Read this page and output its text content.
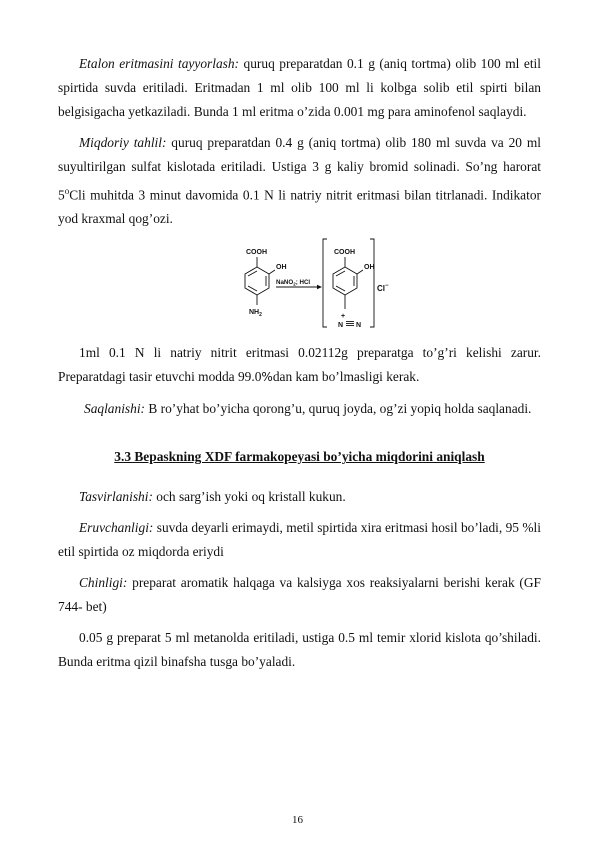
Etalon eritmasini tayyorlash: quruq preparatdan 0.1 g (aniq tortma) olib 100 ml etil spirtida suvda eritiladi. Eritmadan 1 ml olib 100 ml li kolbga solib etil spirti bilan belgisigacha yetkaziladi. Bunda 1 ml eritma o’zida 0.001 mg para aminofenol saqlaydi.

Miqdoriy tahlil: quruq preparatdan 0.4 g (aniq tortma) olib 180 ml suvda va 20 ml suyultirilgan sulfat kislotada eritiladi. Ustiga 3 g kaliy bromid solinadi. So’ng harorat 5$^o$Cli muhitda 3 minut davomida 0.1 N li natriy nitrit eritmasi bilan titrlanadi. Indikator yod kraxmal qog’ozi.

COOH
OH
$NH_2$
NaNO$_2$; HCl
COOH
OH
+
N N
Cl−

1ml 0.1 N li natriy nitrit eritmasi 0.02112g preparatga to’g’ri kelishi zarur. Preparatdagi tasir etuvchi modda 99.0%dan kam bo’lmasligi kerak.

Saqlanishi: B ro’yhat bo’yicha qorong’u, quruq joyda, og’zi yopiq holda saqlanadi.

3.3 Bepaskning XDF farmakopeyasi bo’yicha miqdorini aniqlash

Tasvirlanishi: och sarg’ish yoki oq kristall kukun.

Eruvchanligi: suvda deyarli erimaydi, metil spirtida xira eritmasi hosil bo’ladi, 95 %li etil spirtida oz miqdorda eriydi

Chinligi: preparat aromatik halqaga va kalsiyga xos reaksiyalarni berishi kerak (GF 744- bet)

0.05 g preparat 5 ml metanolda eritiladi, ustiga 0.5 ml temir xlorid kislota qo’shiladi. Bunda eritma qizil binafsha tusga bo’yaladi.

16
